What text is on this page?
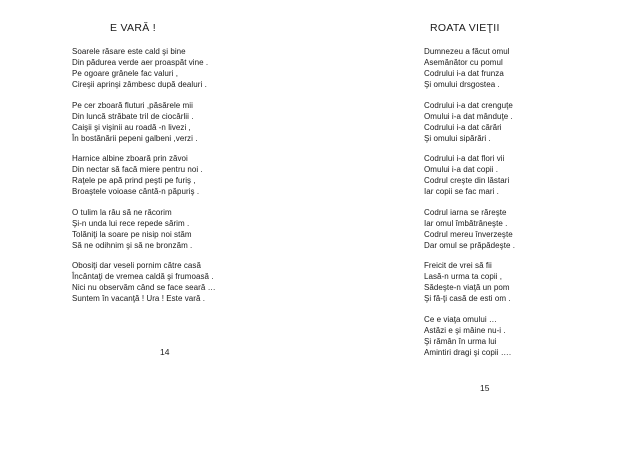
E VARĂ !
Soarele răsare este cald şi bine
Din pădurea verde aer proaspăt vine .
Pe ogoare grânele fac valuri ,
Cireşii aprinşi zâmbesc după dealuri .
Pe cer zboară fluturi ,păsărele mii
Din luncă străbate tril de ciocârlii .
Caişii şi vişinii au roadă -n livezi ,
În bostănării pepeni galbeni ,verzi .
Harnice albine zboară prin zăvoi
Din nectar să facă miere pentru noi .
Raţele pe apă prind peşti pe furiş ,
Broaştele voioase cântă-n păpuriş .
O tulim la râu să ne răcorim
Şi-n unda lui rece repede sărim .
Tolăniţi la soare pe nisip noi stăm
Să ne odihnim şi să ne bronzăm .
Obosiţi dar veseli pornim către casă
Încântaţi de vremea caldă şi frumoasă .
Nici nu observăm când se face seară …
Suntem în vacanţă ! Ura ! Este vară .
14
ROATA VIEŢII
Dumnezeu a făcut omul
Asemănător cu pomul
Codrului i-a dat frunza
Şi omului drsgostea .
Codrului i-a dat crenguţe
Omului i-a dat mânduţe .
Codrului i-a dat cărări
Şi omului sipărări .
Codrului i-a dat flori vii
Omului i-a dat copii .
Codrul creşte din lăstari
Iar copii se fac mari .
Codrul iarna se răreşte
Iar omul îmbătrâneşte .
Codrul mereu înverzeşte
Dar omul se prăpădeşte .
Freicit de vrei să fii
Lasă-n urma ta copii ,
Sădeşte-n viaţă un pom
Şi fă-ţi casă de esti om .
Ce e viaţa omului …
Astăzi e şi mâine nu-i .
Şi rămân în urma lui
Amintiri dragi şi copii ….
15
